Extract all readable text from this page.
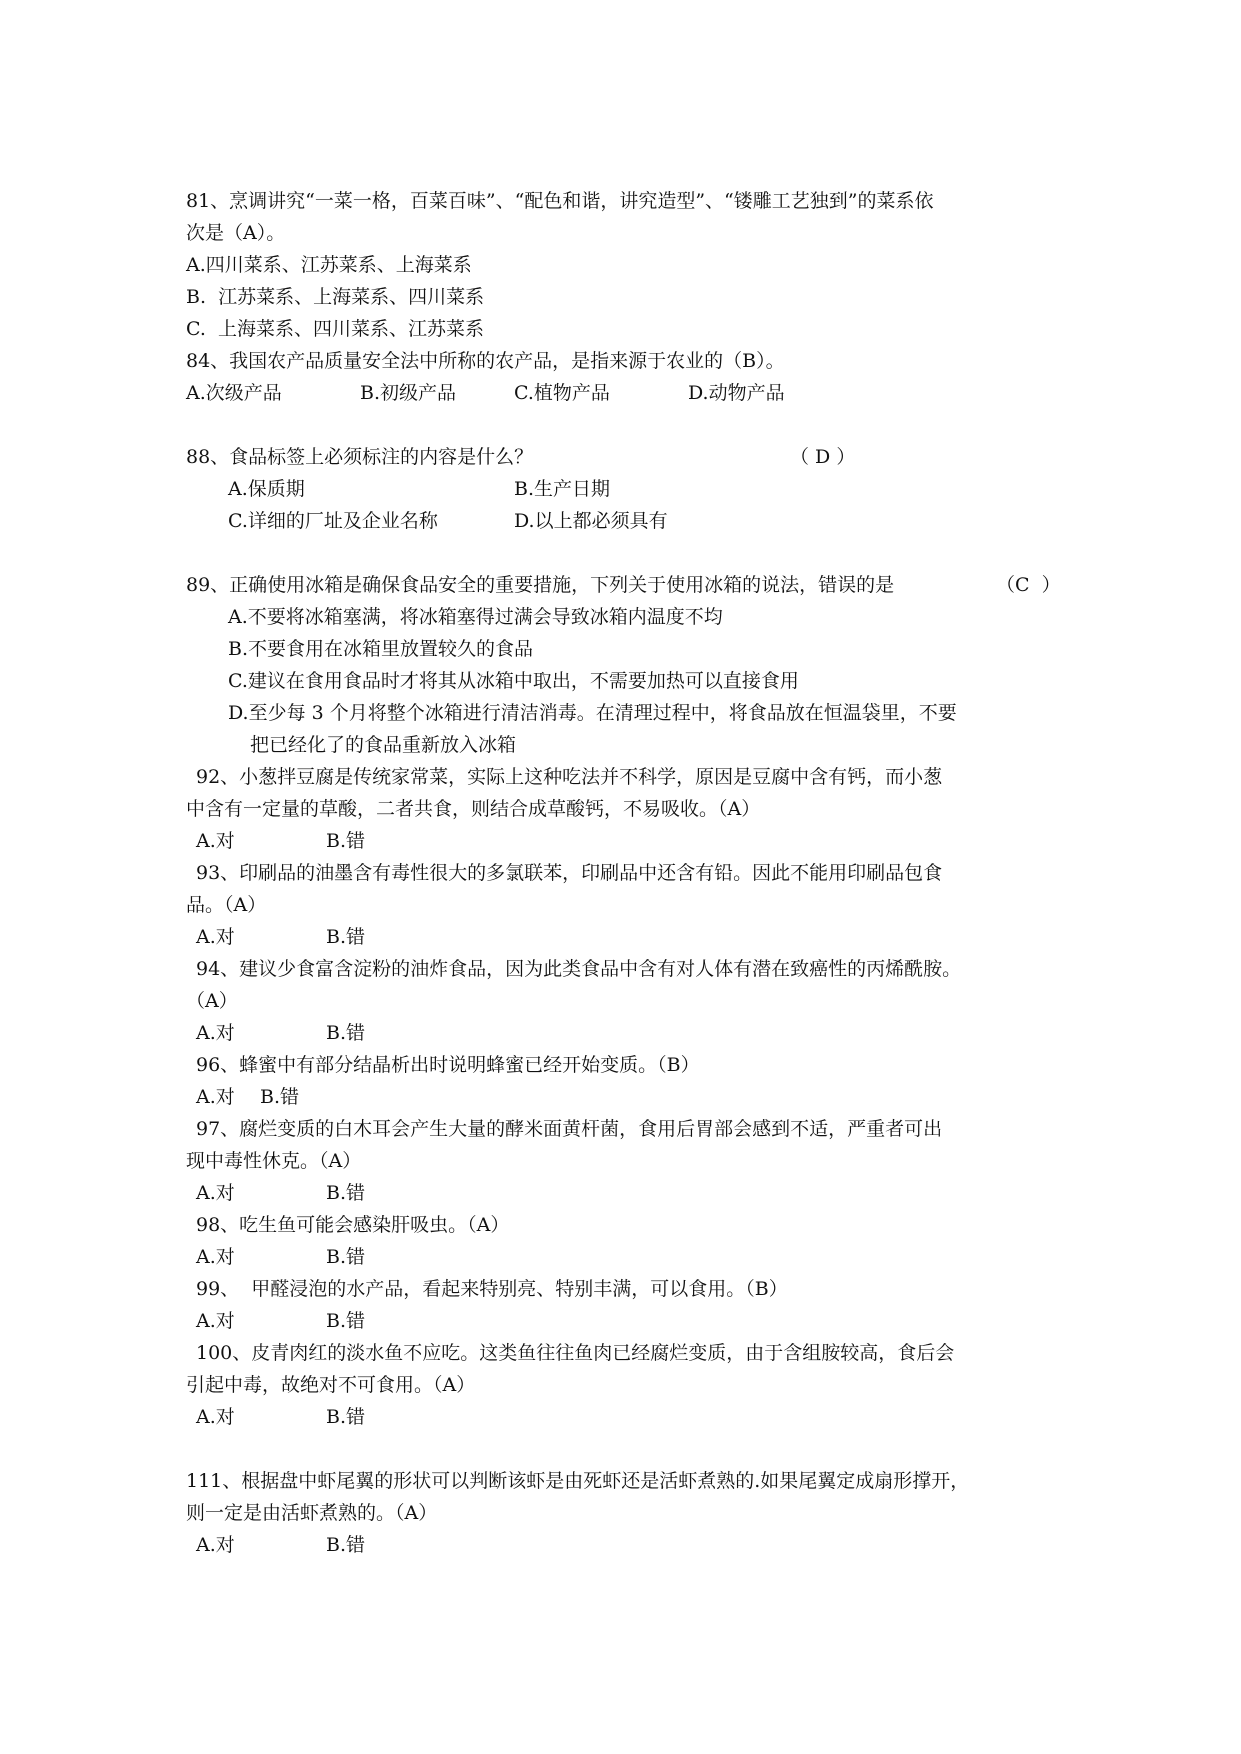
81、烹调讲究“一菜一格，百菜百味”、“配色和谐，讲究造型”、“镂雕工艺独到”的菜系依
次是（A）。
A.四川菜系、江苏菜系、上海菜系
B.  江苏菜系、上海菜系、四川菜系
C.  上海菜系、四川菜系、江苏菜系
84、我国农产品质量安全法中所称的农产品，是指来源于农业的（B）。
A.次级产品	B.初级产品	C.植物产品	D.动物产品
88、食品标签上必须标注的内容是什么？	（ D ）
A.保质期	B.生产日期
C.详细的厂址及企业名称	D.以上都必须具有
89、正确使用冰箱是确保食品安全的重要措施，下列关于使用冰箱的说法，错误的是	（C  ）
A.不要将冰箱塞满，将冰箱塞得过满会导致冰箱内温度不均
B.不要食用在冰箱里放置较久的食品
C.建议在食用食品时才将其从冰箱中取出，不需要加热可以直接食用
D.至少每 3 个月将整个冰箱进行清洁消毒。在清理过程中，将食品放在恒温袋里，不要
把已经化了的食品重新放入冰箱
92、小葱拌豆腐是传统家常菜，实际上这种吃法并不科学，原因是豆腐中含有钙，而小葱
中含有一定量的草酸，二者共食，则结合成草酸钙，不易吸收。（A）
A.对	B.错
93、印刷品的油墨含有毒性很大的多氯联苯，印刷品中还含有铅。因此不能用印刷品包食
品。（A）
A.对	B.错
94、建议少食富含淀粉的油炸食品，因为此类食品中含有对人体有潜在致癌性的丙烯酰胺。
（A）
A.对	B.错
96、蜂蜜中有部分结晶析出时说明蜂蜜已经开始变质。（B）
A.对 B.错
97、腐烂变质的白木耳会产生大量的酵米面黄杆菌，食用后胃部会感到不适，严重者可出
现中毒性休克。（A）
A.对	B.错
98、吃生鱼可能会感染肝吸虫。（A）
A.对	B.错
99、  甲醛浸泡的水产品，看起来特别亮、特别丰满，可以食用。（B）
A.对	B.错
100、皮青肉红的淡水鱼不应吃。这类鱼往往鱼肉已经腐烂变质，由于含组胺较高，食后会
引起中毒，故绝对不可食用。（A）
A.对	B.错
111、根据盘中虾尾翼的形状可以判断该虾是由死虾还是活虾煮熟的.如果尾翼定成扇形撑开，
则一定是由活虾煮熟的。（A）
A.对	B.错
